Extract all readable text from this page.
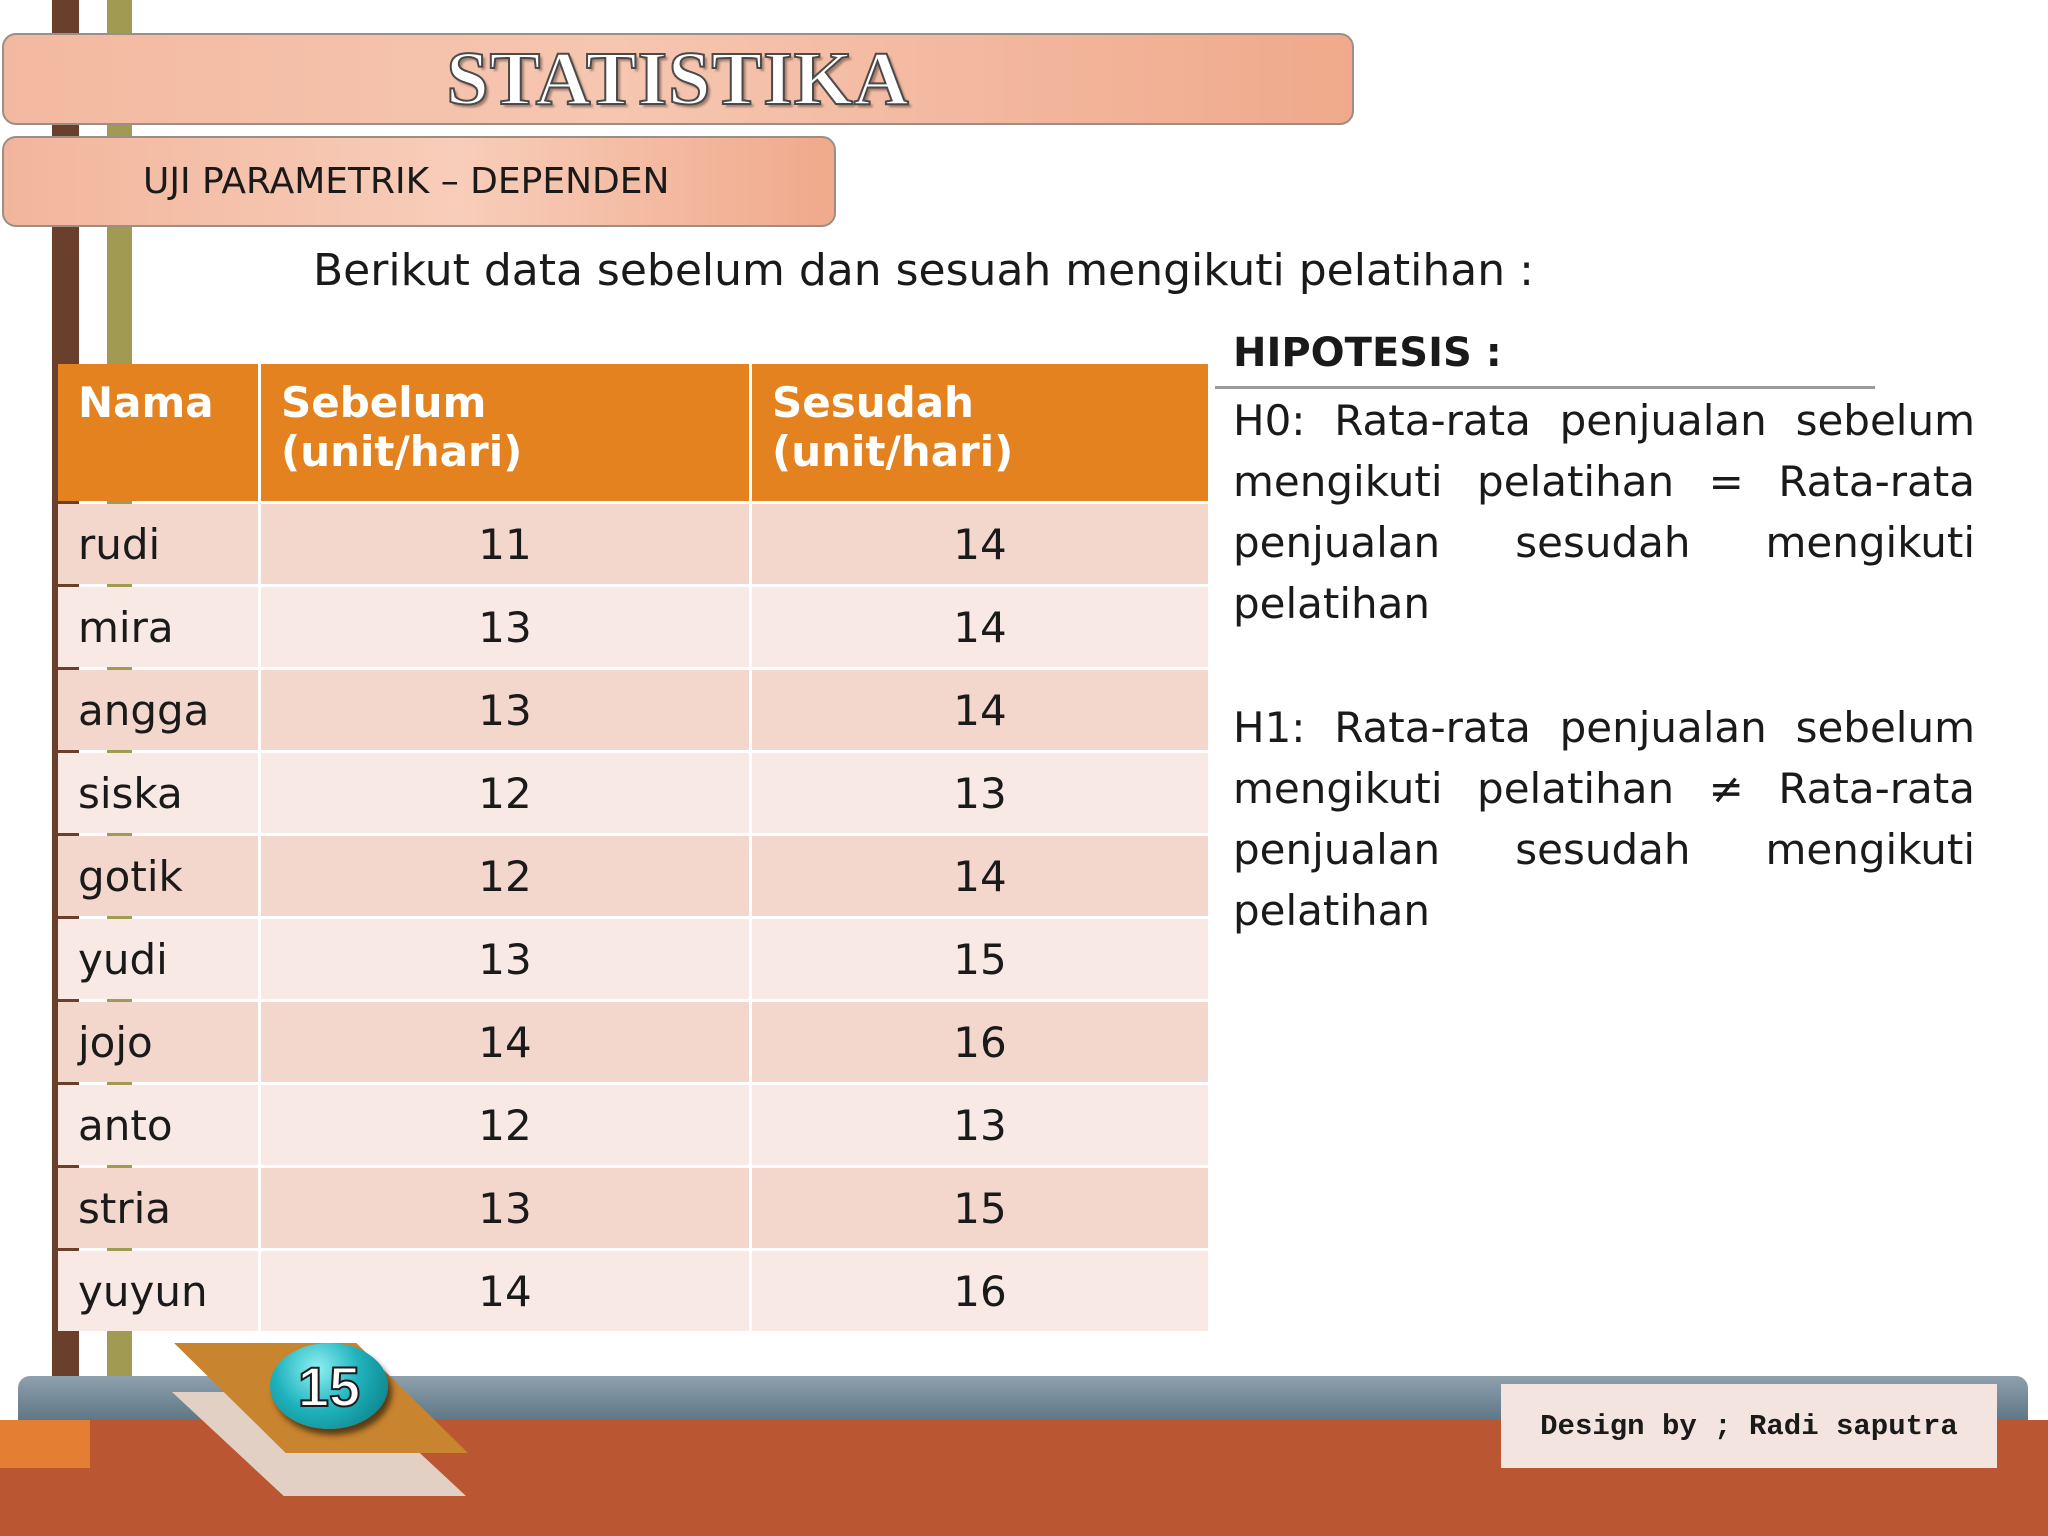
STATISTIKA
UJI PARAMETRIK – DEPENDEN
Berikut data sebelum dan sesuah mengikuti pelatihan :
Nama	Sebelum (unit/hari)	Sesudah (unit/hari)
rudi	11	14
mira	13	14
angga	13	14
siska	12	13
gotik	12	14
yudi	13	15
jojo	14	16
anto	12	13
stria	13	15
yuyun	14	16
HIPOTESIS :
H0: Rata-rata penjualan sebelum mengikuti pelatihan = Rata-rata penjualan sesudah mengikuti pelatihan
H1: Rata-rata penjualan sebelum mengikuti pelatihan ≠ Rata-rata penjualan sesudah mengikuti pelatihan
15
Design by ; Radi saputra
